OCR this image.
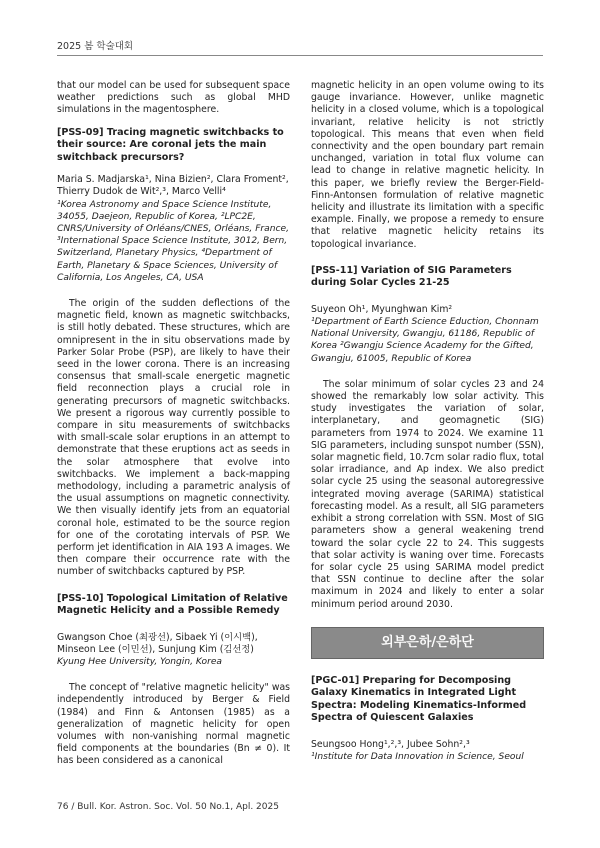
2025 봄 학술대회

that our model can be used for subsequent space weather predictions such as global MHD simulations in the magentosphere.

[PSS-09] Tracing magnetic switchbacks to their source: Are coronal jets the main switchback precursors?

Maria S. Madjarska¹, Nina Bizien², Clara Froment², Thierry Dudok de Wit²,³, Marco Velli⁴

¹Korea Astronomy and Space Science Institute, 34055, Daejeon, Republic of Korea, ²LPC2E, CNRS/University of Orléans/CNES, Orléans, France, ³International Space Science Institute, 3012, Bern, Switzerland, Planetary Physics, ⁴Department of Earth, Planetary & Space Sciences, University of California, Los Angeles, CA, USA

The origin of the sudden deflections of the magnetic field, known as magnetic switchbacks, is still hotly debated. These structures, which are omnipresent in the in situ observations made by Parker Solar Probe (PSP), are likely to have their seed in the lower corona. There is an increasing consensus that small-scale energetic magnetic field reconnection plays a crucial role in generating precursors of magnetic switchbacks. We present a rigorous way currently possible to compare in situ measurements of switchbacks with small-scale solar eruptions in an attempt to demonstrate that these eruptions act as seeds in the solar atmosphere that evolve into switchbacks. We implement a back-mapping methodology, including a parametric analysis of the usual assumptions on magnetic connectivity. We then visually identify jets from an equatorial coronal hole, estimated to be the source region for one of the corotating intervals of PSP. We perform jet identification in AIA 193 A images. We then compare their occurrence rate with the number of switchbacks captured by PSP.

[PSS-10] Topological Limitation of Relative Magnetic Helicity and a Possible Remedy

Gwangson Choe (최광선), Sibaek Yi (이시백), Minseon Lee (이민선), Sunjung Kim (김선정)

Kyung Hee University, Yongin, Korea

The concept of "relative magnetic helicity" was independently introduced by Berger & Field (1984) and Finn & Antonsen (1985) as a generalization of magnetic helicity for open volumes with non-vanishing normal magnetic field components at the boundaries (Bn ≠ 0). It has been considered as a canonical

magnetic helicity in an open volume owing to its gauge invariance. However, unlike magnetic helicity in a closed volume, which is a topological invariant, relative helicity is not strictly topological. This means that even when field connectivity and the open boundary part remain unchanged, variation in total flux volume can lead to change in relative magnetic helicity. In this paper, we briefly review the Berger-Field-Finn-Antonsen formulation of relative magnetic helicity and illustrate its limitation with a specific example. Finally, we propose a remedy to ensure that relative magnetic helicity retains its topological invariance.

[PSS-11] Variation of SIG Parameters during Solar Cycles 21-25

Suyeon Oh¹, Myunghwan Kim²

¹Department of Earth Science Eduction, Chonnam National University, Gwangju, 61186, Republic of Korea ²Gwangju Science Academy for the Gifted, Gwangju, 61005, Republic of Korea

The solar minimum of solar cycles 23 and 24 showed the remarkably low solar activity. This study investigates the variation of solar, interplanetary, and geomagnetic (SIG) parameters from 1974 to 2024. We examine 11 SIG parameters, including sunspot number (SSN), solar magnetic field, 10.7cm solar radio flux, total solar irradiance, and Ap index. We also predict solar cycle 25 using the seasonal autoregressive integrated moving average (SARIMA) statistical forecasting model. As a result, all SIG parameters exhibit a strong correlation with SSN. Most of SIG parameters show a general weakening trend toward the solar cycle 22 to 24. This suggests that solar activity is waning over time. Forecasts for solar cycle 25 using SARIMA model predict that SSN continue to decline after the solar maximum in 2024 and likely to enter a solar minimum period around 2030.

외부은하/은하단

[PGC-01] Preparing for Decomposing Galaxy Kinematics in Integrated Light Spectra: Modeling Kinematics-Informed Spectra of Quiescent Galaxies

Seungsoo Hong¹,²,³, Jubee Sohn²,³

¹Institute for Data Innovation in Science, Seoul

76 / Bull. Kor. Astron. Soc. Vol. 50 No.1, Apl. 2025
